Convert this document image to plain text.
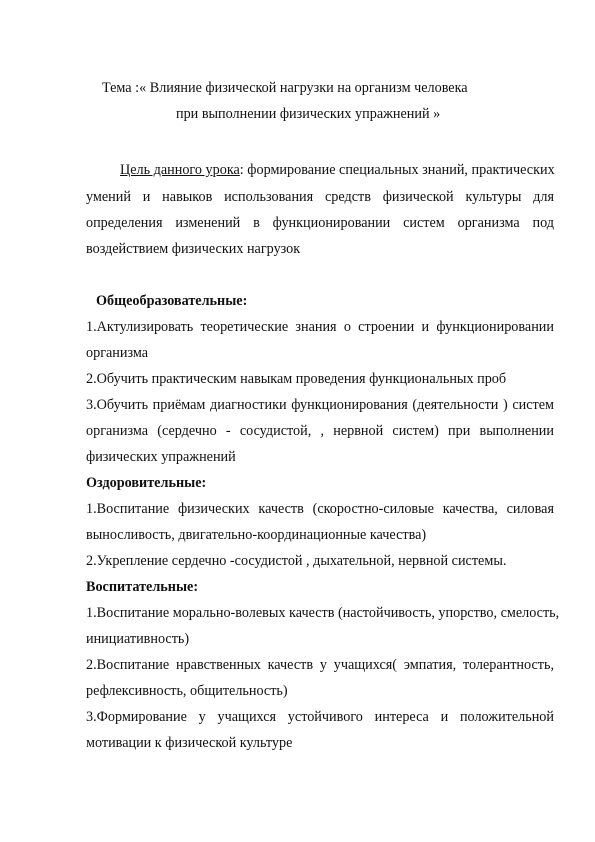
Тема :« Влияние физической нагрузки на организм человека

при выполнении физических упражнений »

Цель данного урока: формирование специальных знаний, практических

умений и навыков использования средств физической культуры для

определения изменений в функционировании систем организма под

воздействием физических нагрузок

Общеобразовательные:

1.Актулизировать теоретические знания о строении и функционировании

организма

2.Обучить практическим навыкам проведения функциональных проб

3.Обучить приёмам диагностики функционирования (деятельности ) систем

организма (сердечно - сосудистой, , нервной систем) при выполнении

физических упражнений

Оздоровительные:

1.Воспитание физических качеств (скоростно-силовые качества, силовая

выносливость, двигательно-координационные качества)

2.Укрепление сердечно -сосудистой , дыхательной, нервной системы.

Воспитательные:

1.Воспитание морально-волевых качеств (настойчивость, упорство, смелость,

инициативность)

2.Воспитание нравственных качеств у учащихся( эмпатия, толерантность,

рефлексивность, общительность)

3.Формирование у учащихся устойчивого интереса и положительной

мотивации к физической культуре
